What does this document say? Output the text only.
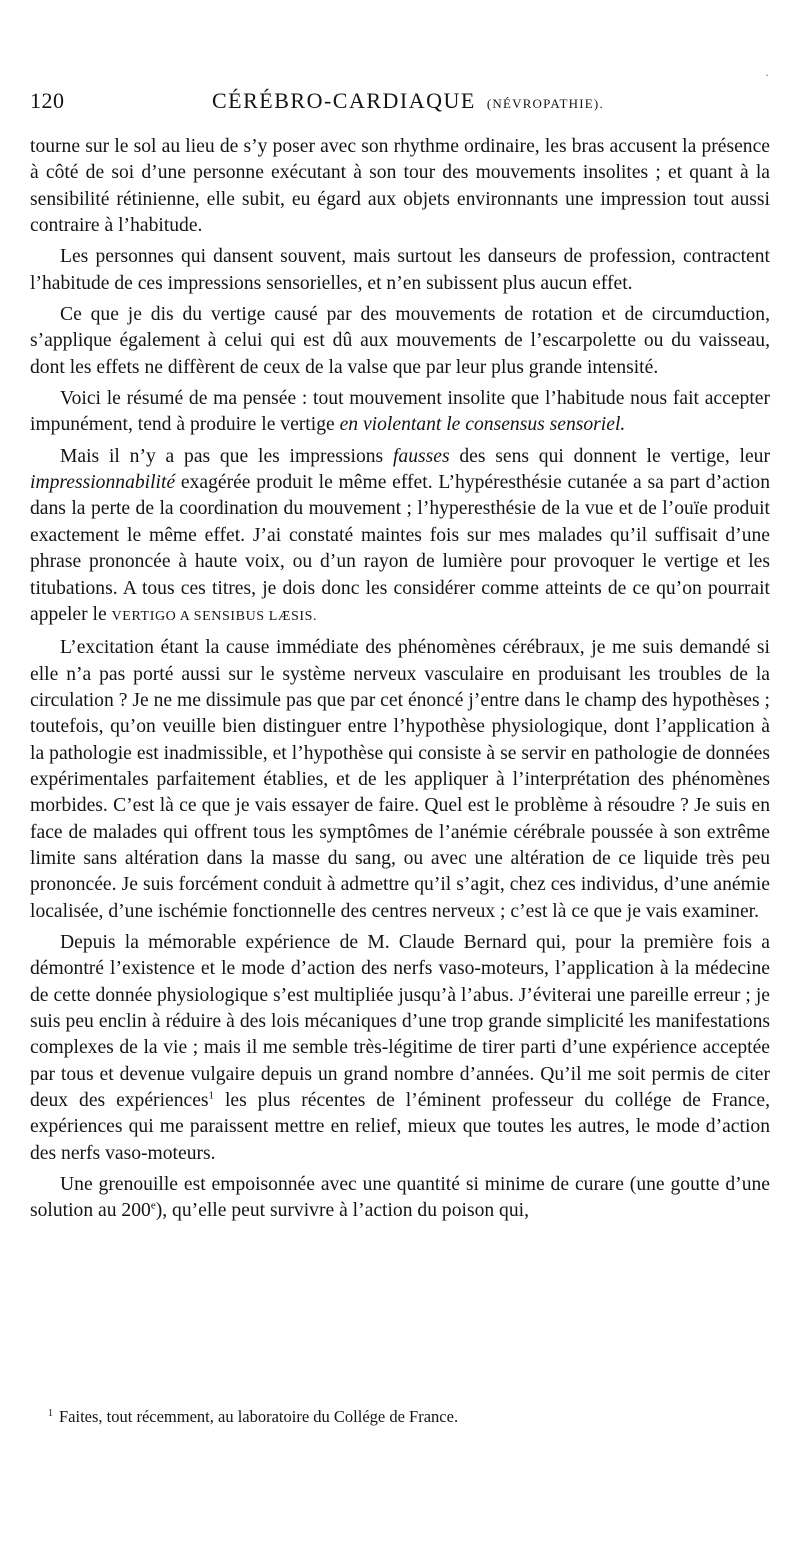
·
120	CÉRÉBRO-CARDIAQUE (NÉVROPATHIE).

tourne sur le sol au lieu de s’y poser avec son rhythme ordinaire, les bras accusent la présence à côté de soi d’une personne exécutant à son tour des mouvements insolites ; et quant à la sensibilité rétinienne, elle subit, eu égard aux objets environnants une impression tout aussi contraire à l’habitude.

Les personnes qui dansent souvent, mais surtout les danseurs de profession, contractent l’habitude de ces impressions sensorielles, et n’en subissent plus aucun effet.

Ce que je dis du vertige causé par des mouvements de rotation et de circumduction, s’applique également à celui qui est dû aux mouvements de l’escarpolette ou du vaisseau, dont les effets ne diffèrent de ceux de la valse que par leur plus grande intensité.

Voici le résumé de ma pensée : tout mouvement insolite que l’habitude nous fait accepter impunément, tend à produire le vertige en violentant le consensus sensoriel.

Mais il n’y a pas que les impressions fausses des sens qui donnent le vertige, leur impressionnabilité exagérée produit le même effet. L’hypéresthésie cutanée a sa part d’action dans la perte de la coordination du mouvement ; l’hyperesthésie de la vue et de l’ouïe produit exactement le même effet. J’ai constaté maintes fois sur mes malades qu’il suffisait d’une phrase prononcée à haute voix, ou d’un rayon de lumière pour provoquer le vertige et les titubations. A tous ces titres, je dois donc les considérer comme atteints de ce qu’on pourrait appeler le VERTIGO A SENSIBUS LÆSIS.

L’excitation étant la cause immédiate des phénomènes cérébraux, je me suis demandé si elle n’a pas porté aussi sur le système nerveux vasculaire en produisant les troubles de la circulation ? Je ne me dissimule pas que par cet énoncé j’entre dans le champ des hypothèses ; toutefois, qu’on veuille bien distinguer entre l’hypothèse physiologique, dont l’application à la pathologie est inadmissible, et l’hypothèse qui consiste à se servir en pathologie de données expérimentales parfaitement établies, et de les appliquer à l’interprétation des phénomènes morbides. C’est là ce que je vais essayer de faire. Quel est le problème à résoudre ? Je suis en face de malades qui offrent tous les symptômes de l’anémie cérébrale poussée à son extrême limite sans altération dans la masse du sang, ou avec une altération de ce liquide très peu prononcée. Je suis forcément conduit à admettre qu’il s’agit, chez ces individus, d’une anémie localisée, d’une ischémie fonctionnelle des centres nerveux ; c’est là ce que je vais examiner.

Depuis la mémorable expérience de M. Claude Bernard qui, pour la première fois a démontré l’existence et le mode d’action des nerfs vaso-moteurs, l’application à la médecine de cette donnée physiologique s’est multipliée jusqu’à l’abus. J’éviterai une pareille erreur ; je suis peu enclin à réduire à des lois mécaniques d’une trop grande simplicité les manifestations complexes de la vie ; mais il me semble très-légitime de tirer parti d’une expérience acceptée par tous et devenue vulgaire depuis un grand nombre d’années. Qu’il me soit permis de citer deux des expériences$^1$ les plus récentes de l’éminent professeur du collége de France, expériences qui me paraissent mettre en relief, mieux que toutes les autres, le mode d’action des nerfs vaso-moteurs.

Une grenouille est empoisonnée avec une quantité si minime de curare (une goutte d’une solution au 200e), qu’elle peut survivre à l’action du poison qui,

$^1$ Faites, tout récemment, au laboratoire du Collége de France.
